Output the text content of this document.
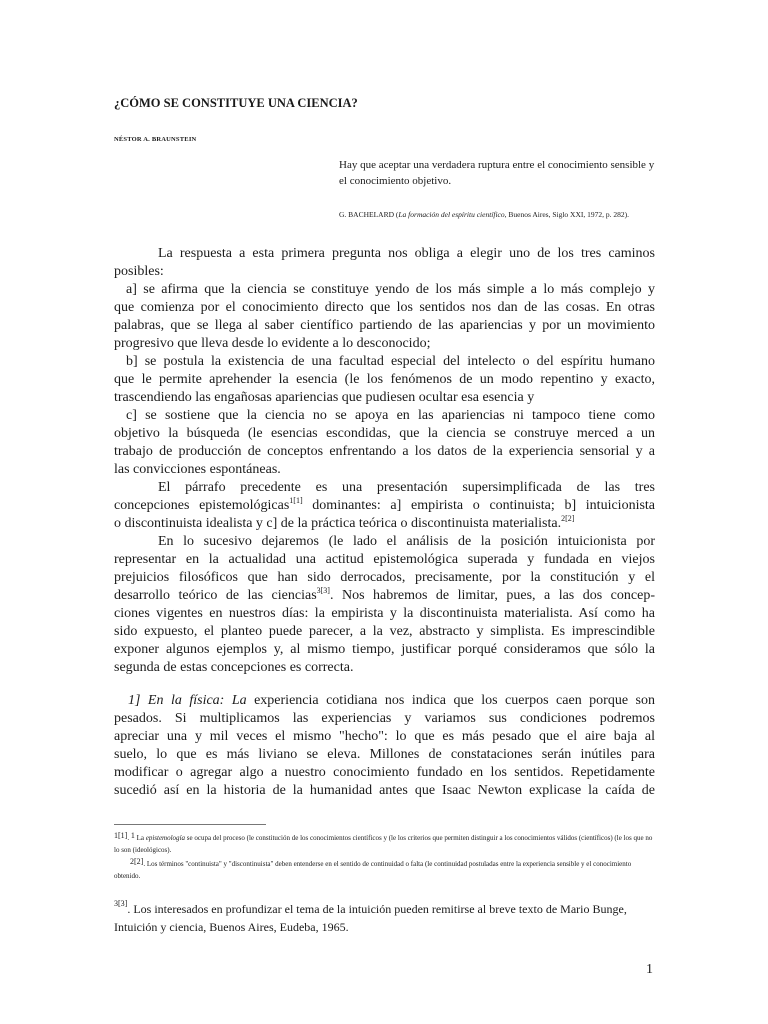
¿CÓMO SE CONSTITUYE UNA CIENCIA?
NÉSTOR A. BRAUNSTEIN
Hay que aceptar una verdadera ruptura entre el conocimiento sensible y el conocimiento objetivo.
G. BACHELARD (La formación del espíritu científico, Buenos Aires, Siglo XXI, 1972, p. 282).
La respuesta a esta primera pregunta nos obliga a elegir uno de los tres caminos
posibles:
a] se afirma que la ciencia se constituye yendo de los más simple a lo más complejo y
que comienza por el conocimiento directo que los sentidos nos dan de las cosas. En otras
palabras, que se llega al saber científico partiendo de las apariencias y por un movimiento
progresivo que lleva desde lo evidente a lo desconocido;
b] se postula la existencia de una facultad especial del intelecto o del espíritu humano
que le permite aprehender la esencia (le los fenómenos de un modo repentino y exacto,
trascendiendo las engañosas apariencias que pudiesen ocultar esa esencia y
c] se sostiene que la ciencia no se apoya en las apariencias ni tampoco tiene como
objetivo la búsqueda (le esencias escondidas, que la ciencia se construye merced a un
trabajo de producción de conceptos enfrentando a los datos de la experiencia sensorial y a
las convicciones espontáneas.
El párrafo precedente es una presentación supersimplificada de las tres
concepciones epistemológicas$^{1[1]}$ dominantes: a] empirista o continuista; b] intuicionista
o discontinuista idealista y c] de la práctica teórica o discontinuista materialista.$^{2[2]}$
En lo sucesivo dejaremos (le lado el análisis de la posición intuicionista por
representar en la actualidad una actitud epistemológica superada y fundada en viejos
prejuicios filosóficos que han sido derrocados, precisamente, por la constitución y el
desarrollo teórico de las ciencias$^{3[3]}$. Nos habremos de limitar, pues, a las dos concep-
ciones vigentes en nuestros días: la empirista y la discontinuista materialista. Así como ha
sido expuesto, el planteo puede parecer, a la vez, abstracto y simplista. Es imprescindible
exponer algunos ejemplos y, al mismo tiempo, justificar porqué consideramos que sólo la
segunda de estas concepciones es correcta.
1] En la física: La experiencia cotidiana nos indica que los cuerpos caen porque son
pesados. Si multiplicamos las experiencias y variamos sus condiciones podremos
apreciar una y mil veces el mismo "hecho": lo que es más pesado que el aire baja al
suelo, lo que es más liviano se eleva. Millones de constataciones serán inútiles para
modificar o agregar algo a nuestro conocimiento fundado en los sentidos. Repetidamente
sucedió así en la historia de la humanidad antes que Isaac Newton explicase la caída de
$^{1[1]}$. $^1$ La epistemología se ocupa del proceso (le constitución de los conocimientos científicos y (le los criterios que permiten distinguir a los conocimientos válidos (científicos) (le los que no lo son (ideológicos).
$^{2[2]}$. Los términos "continuista" y "discontinuista" deben entenderse en el sentido de continuidad o falta (le continuidad postuladas entre la experiencia sensible y el conocimiento obtenido.
$^{3[3]}$. Los interesados en profundizar el tema de la intuición pueden remitirse al breve texto de Mario Bunge, Intuición y ciencia, Buenos Aires, Eudeba, 1965.
1
